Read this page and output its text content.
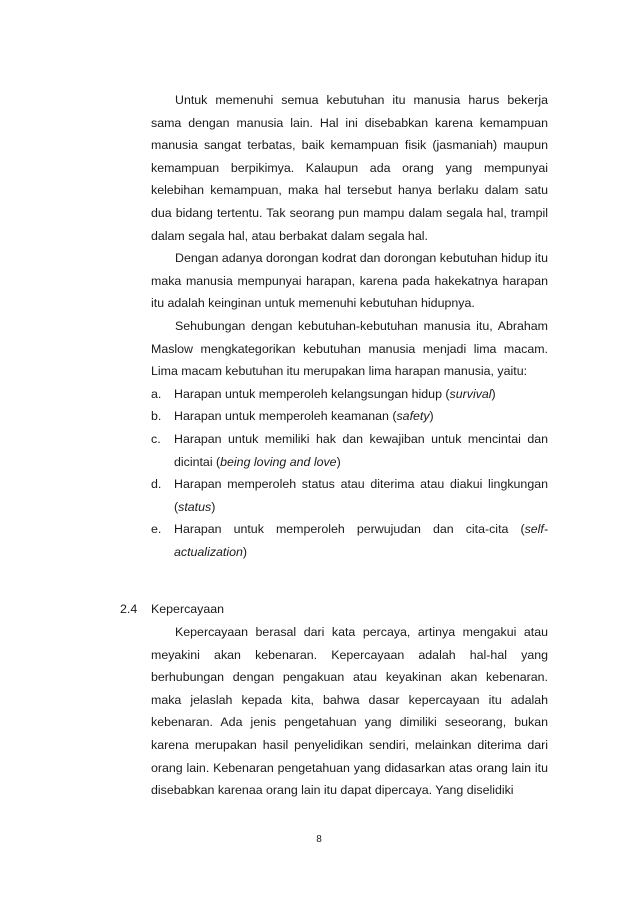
Untuk memenuhi semua kebutuhan itu manusia harus bekerja sama dengan manusia lain. Hal ini disebabkan karena kemampuan manusia sangat terbatas, baik kemampuan fisik (jasmaniah) maupun kemampuan berpikimya. Kalaupun ada orang yang mempunyai kelebihan kemampuan, maka hal tersebut hanya berlaku dalam satu dua bidang tertentu. Tak seorang pun mampu dalam segala hal, trampil dalam segala hal, atau berbakat dalam segala hal.

Dengan adanya dorongan kodrat dan dorongan kebutuhan hidup itu maka manusia mempunyai harapan, karena pada hakekatnya harapan itu adalah keinginan untuk memenuhi kebutuhan hidupnya.

Sehubungan dengan kebutuhan-kebutuhan manusia itu, Abraham Maslow mengkategorikan kebutuhan manusia menjadi lima macam. Lima macam kebutuhan itu merupakan lima harapan manusia, yaitu:

a. Harapan untuk memperoleh kelangsungan hidup (survival)
b. Harapan untuk memperoleh keamanan (safety)
c. Harapan untuk memiliki hak dan kewajiban untuk mencintai dan dicintai (being loving and love)
d. Harapan memperoleh status atau diterima atau diakui lingkungan (status)
e. Harapan untuk memperoleh perwujudan dan cita-cita (self-actualization)
2.4 Kepercayaan

Kepercayaan berasal dari kata percaya, artinya mengakui atau meyakini akan kebenaran. Kepercayaan adalah hal-hal yang berhubungan dengan pengakuan atau keyakinan akan kebenaran. maka jelaslah kepada kita, bahwa dasar kepercayaan itu adalah kebenaran. Ada jenis pengetahuan yang dimiliki seseorang, bukan karena merupakan hasil penyelidikan sendiri, melainkan diterima dari orang lain. Kebenaran pengetahuan yang didasarkan atas orang lain itu disebabkan karenaa orang lain itu dapat dipercaya. Yang diselidiki

8
